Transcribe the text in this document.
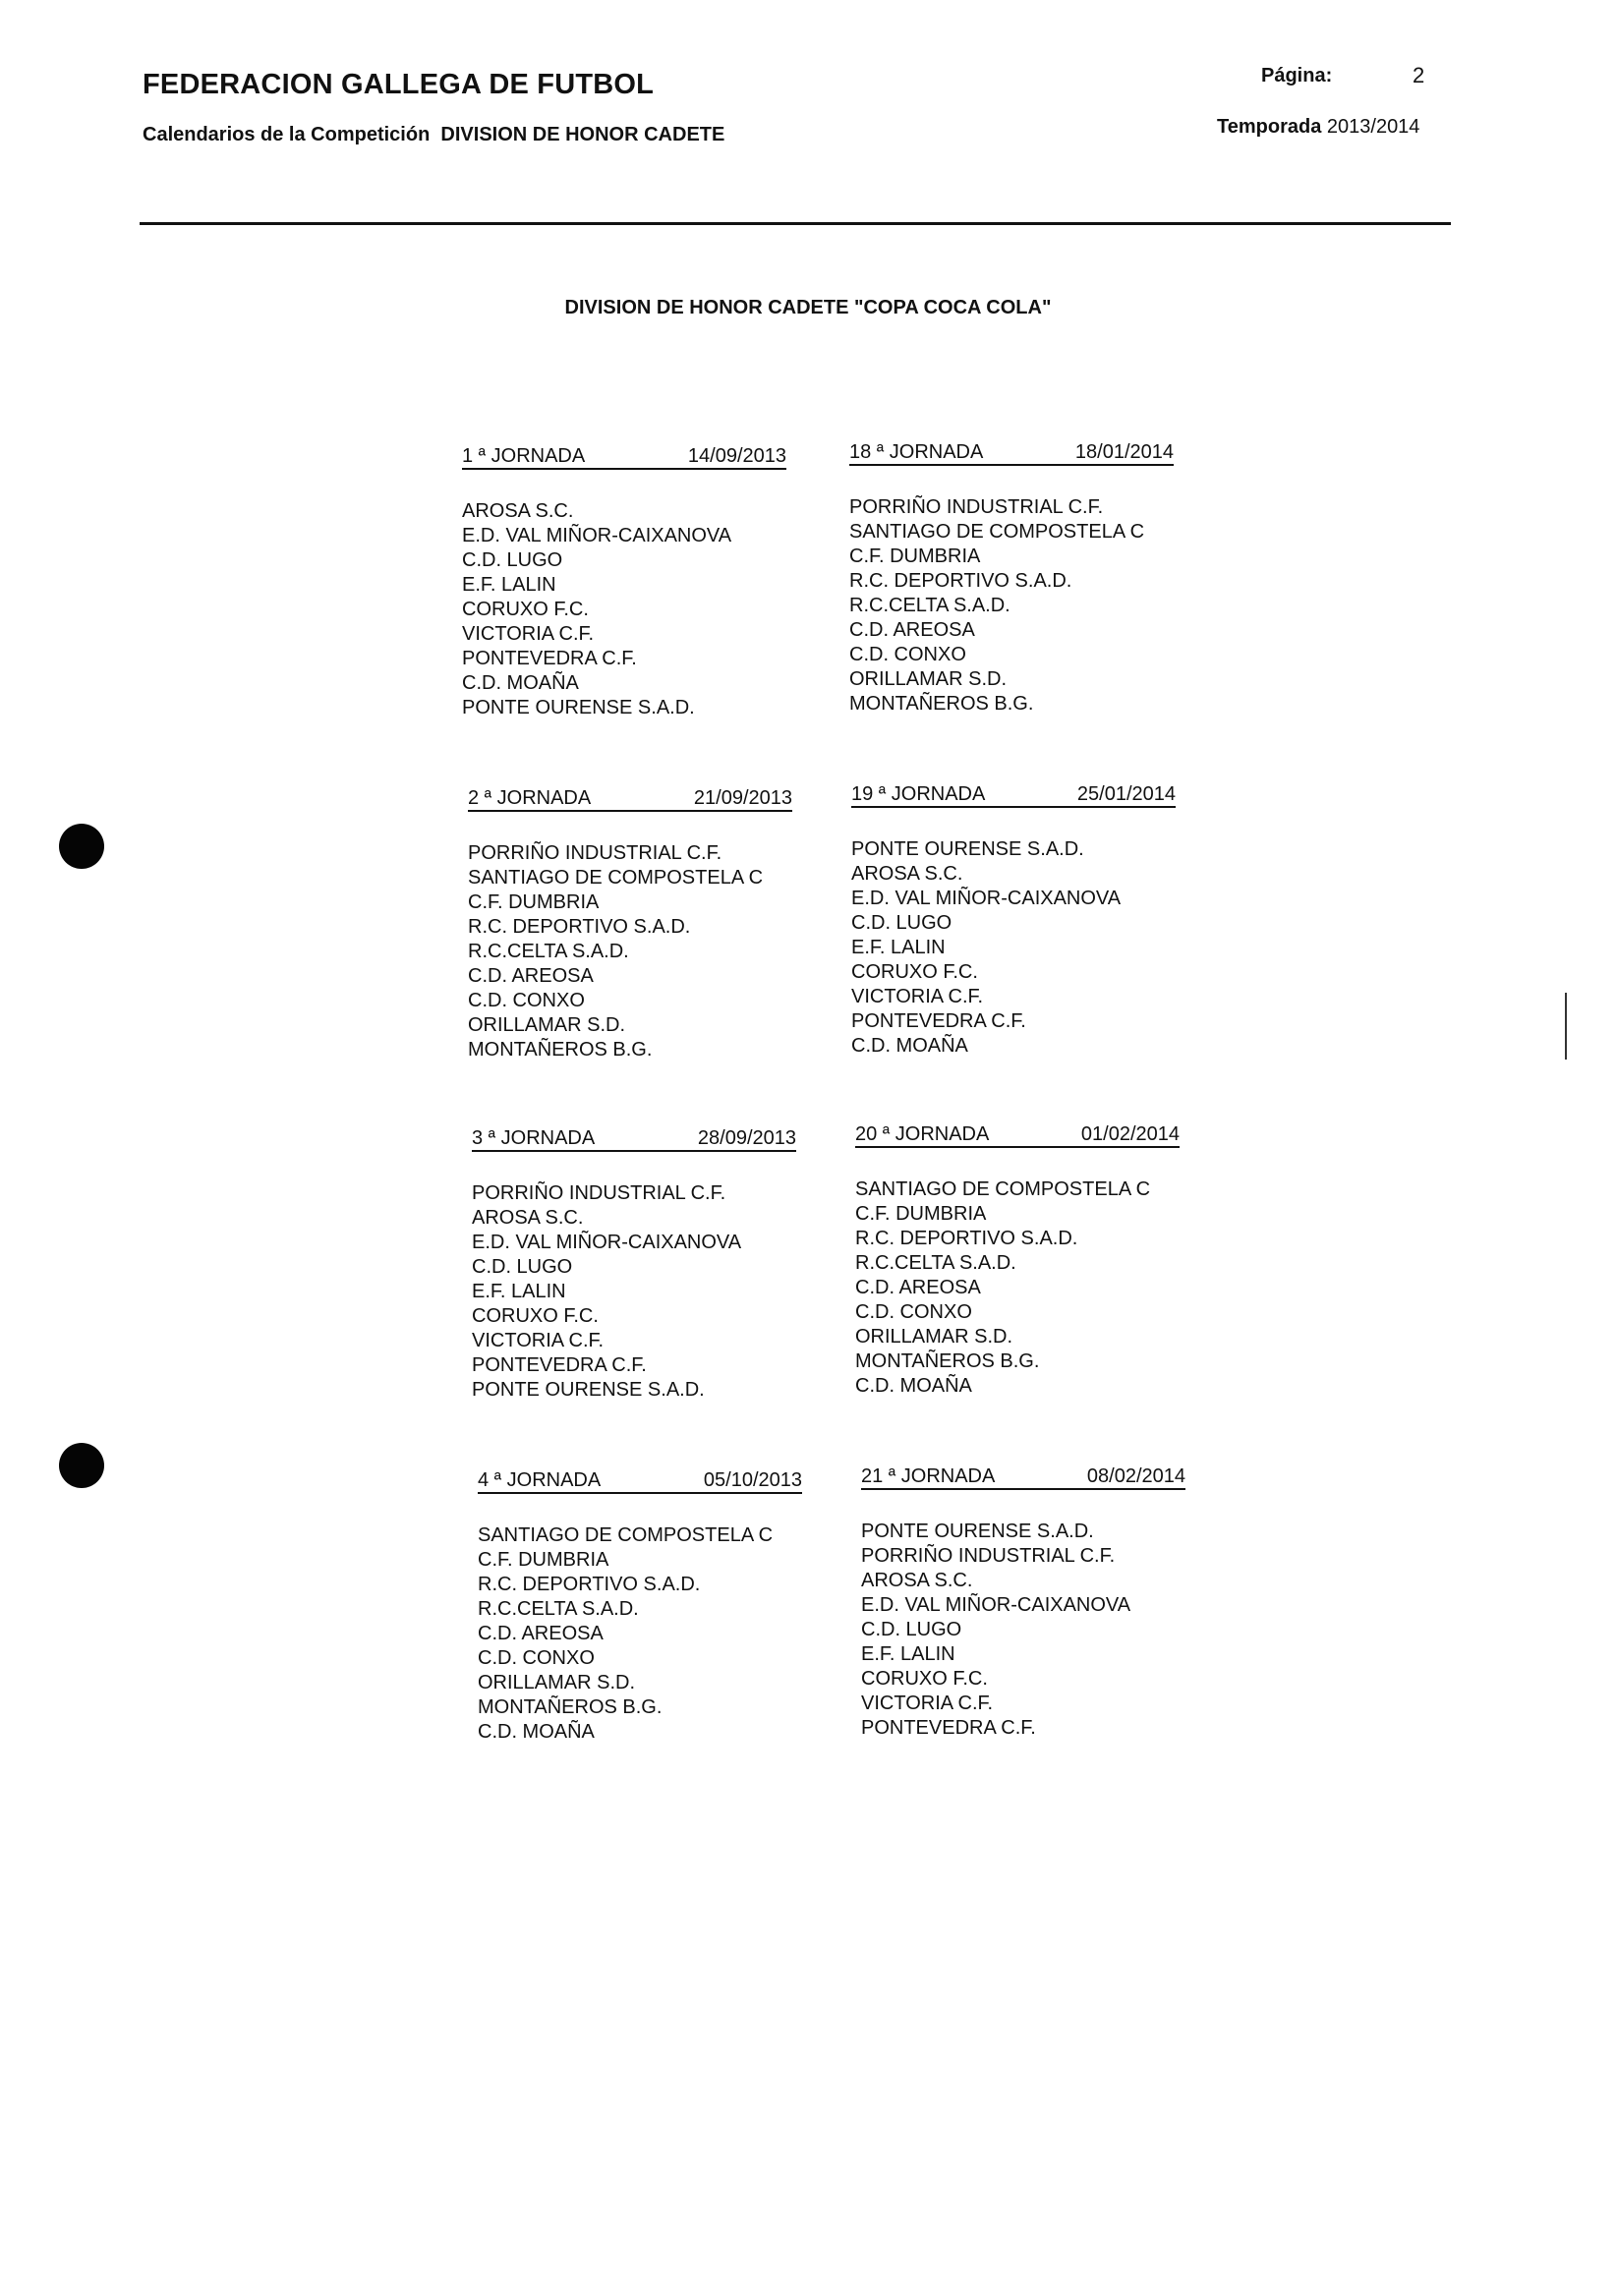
FEDERACION GALLEGA DE FUTBOL
Calendarios de la Competición DIVISION DE HONOR CADETE
Página:	2
Temporada 2013/2014
DIVISION DE HONOR CADETE "COPA COCA COLA"
1 ª JORNADA	14/09/2013
AROSA S.C.
E.D. VAL MIÑOR-CAIXANOVA
C.D. LUGO
E.F. LALIN
CORUXO F.C.
VICTORIA C.F.
PONTEVEDRA C.F.
C.D. MOAÑA
PONTE OURENSE S.A.D.
18 ª JORNADA	18/01/2014
PORRIÑO INDUSTRIAL C.F.
SANTIAGO DE COMPOSTELA C
C.F. DUMBRIA
R.C. DEPORTIVO S.A.D.
R.C.CELTA S.A.D.
C.D. AREOSA
C.D. CONXO
ORILLAMAR S.D.
MONTAÑEROS B.G.
2 ª JORNADA	21/09/2013
PORRIÑO INDUSTRIAL C.F.
SANTIAGO DE COMPOSTELA C
C.F. DUMBRIA
R.C. DEPORTIVO S.A.D.
R.C.CELTA S.A.D.
C.D. AREOSA
C.D. CONXO
ORILLAMAR S.D.
MONTAÑEROS B.G.
19 ª JORNADA	25/01/2014
PONTE OURENSE S.A.D.
AROSA S.C.
E.D. VAL MIÑOR-CAIXANOVA
C.D. LUGO
E.F. LALIN
CORUXO F.C.
VICTORIA C.F.
PONTEVEDRA C.F.
C.D. MOAÑA
3 ª JORNADA	28/09/2013
PORRIÑO INDUSTRIAL C.F.
AROSA S.C.
E.D. VAL MIÑOR-CAIXANOVA
C.D. LUGO
E.F. LALIN
CORUXO F.C.
VICTORIA C.F.
PONTEVEDRA C.F.
PONTE OURENSE S.A.D.
20 ª JORNADA	01/02/2014
SANTIAGO DE COMPOSTELA C
C.F. DUMBRIA
R.C. DEPORTIVO S.A.D.
R.C.CELTA S.A.D.
C.D. AREOSA
C.D. CONXO
ORILLAMAR S.D.
MONTAÑEROS B.G.
C.D. MOAÑA
4 ª JORNADA	05/10/2013
SANTIAGO DE COMPOSTELA C
C.F. DUMBRIA
R.C. DEPORTIVO S.A.D.
R.C.CELTA S.A.D.
C.D. AREOSA
C.D. CONXO
ORILLAMAR S.D.
MONTAÑEROS B.G.
C.D. MOAÑA
21 ª JORNADA	08/02/2014
PONTE OURENSE S.A.D.
PORRIÑO INDUSTRIAL C.F.
AROSA S.C.
E.D. VAL MIÑOR-CAIXANOVA
C.D. LUGO
E.F. LALIN
CORUXO F.C.
VICTORIA C.F.
PONTEVEDRA C.F.
